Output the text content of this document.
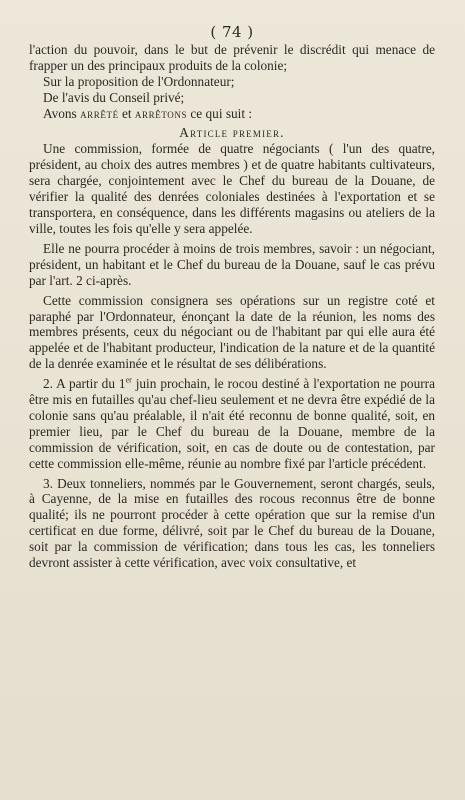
( 74 )

l'action du pouvoir, dans le but de prévenir le discrédit qui menace de frapper un des principaux produits de la colonie;

Sur la proposition de l'Ordonnateur;

De l'avis du Conseil privé;

Avons arrêté et arrêtons ce qui suit :

Article premier.

Une commission, formée de quatre négociants ( l'un des quatre, président, au choix des autres membres ) et de quatre habitants cultivateurs, sera chargée, conjointement avec le Chef du bureau de la Douane, de vérifier la qualité des denrées coloniales destinées à l'exportation et se transportera, en conséquence, dans les différents magasins ou ateliers de la ville, toutes les fois qu'elle y sera appelée.

Elle ne pourra procéder à moins de trois membres, savoir : un négociant, président, un habitant et le Chef du bureau de la Douane, sauf le cas prévu par l'art. 2 ci-après.

Cette commission consignera ses opérations sur un registre coté et paraphé par l'Ordonnateur, énonçant la date de la réunion, les noms des membres présents, ceux du négociant ou de l'habitant par qui elle aura été appelée et de l'habitant producteur, l'indication de la nature et de la quantité de la denrée examinée et le résultat de ses délibérations.

2. A partir du 1er juin prochain, le rocou destiné à l'exportation ne pourra être mis en futailles qu'au chef-lieu seulement et ne devra être expédié de la colonie sans qu'au préalable, il n'ait été reconnu de bonne qualité, soit, en premier lieu, par le Chef du bureau de la Douane, membre de la commission de vérification, soit, en cas de doute ou de contestation, par cette commission elle-même, réunie au nombre fixé par l'article précédent.

3. Deux tonneliers, nommés par le Gouvernement, seront chargés, seuls, à Cayenne, de la mise en futailles des rocous reconnus être de bonne qualité; ils ne pourront procéder à cette opération que sur la remise d'un certificat en due forme, délivré, soit par le Chef du bureau de la Douane, soit par la commission de vérification; dans tous les cas, les tonneliers devront assister à cette vérification, avec voix consultative, et
